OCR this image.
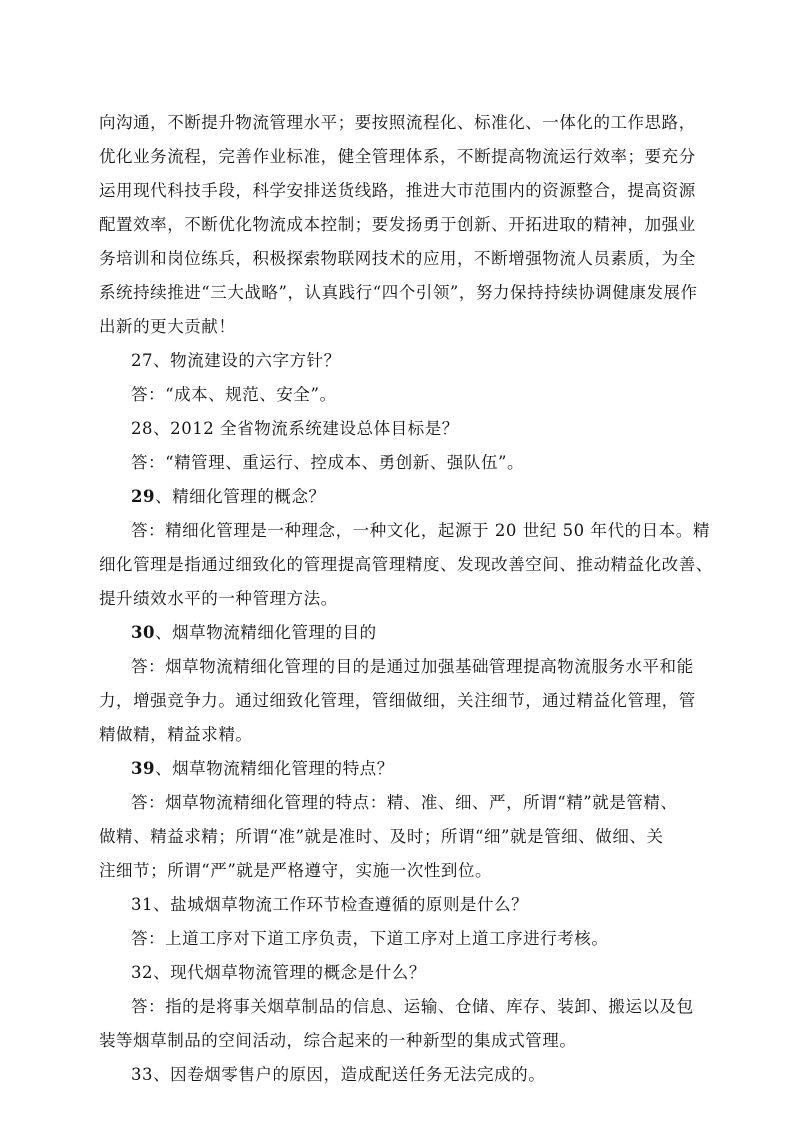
向沟通，不断提升物流管理水平；要按照流程化、标准化、一体化的工作思路，
优化业务流程，完善作业标准，健全管理体系，不断提高物流运行效率；要充分
运用现代科技手段，科学安排送货线路，推进大市范围内的资源整合，提高资源
配置效率，不断优化物流成本控制；要发扬勇于创新、开拓进取的精神，加强业
务培训和岗位练兵，积极探索物联网技术的应用，不断增强物流人员素质，为全
系统持续推进“三大战略”，认真践行“四个引领”，努力保持持续协调健康发展作
出新的更大贡献！
27、物流建设的六字方针？
答：“成本、规范、安全”。
28、2012 全省物流系统建设总体目标是？
答：“精管理、重运行、控成本、勇创新、强队伍”。
29、精细化管理的概念？
答：精细化管理是一种理念，一种文化，起源于 20 世纪 50 年代的日本。精
细化管理是指通过细致化的管理提高管理精度、发现改善空间、推动精益化改善、
提升绩效水平的一种管理方法。
30、烟草物流精细化管理的目的
答：烟草物流精细化管理的目的是通过加强基础管理提高物流服务水平和能
力，增强竞争力。通过细致化管理，管细做细，关注细节，通过精益化管理，管
精做精，精益求精。
39、烟草物流精细化管理的特点？
答：烟草物流精细化管理的特点：精、准、细、严，所谓“精”就是管精、
做精、精益求精；所谓“准”就是准时、及时；所谓“细”就是管细、做细、关
注细节；所谓“严”就是严格遵守，实施一次性到位。
31、盐城烟草物流工作环节检查遵循的原则是什么？
答：上道工序对下道工序负责，下道工序对上道工序进行考核。
32、现代烟草物流管理的概念是什么？
答：指的是将事关烟草制品的信息、运输、仓储、库存、装卸、搬运以及包
装等烟草制品的空间活动，综合起来的一种新型的集成式管理。
33、因卷烟零售户的原因，造成配送任务无法完成的。
